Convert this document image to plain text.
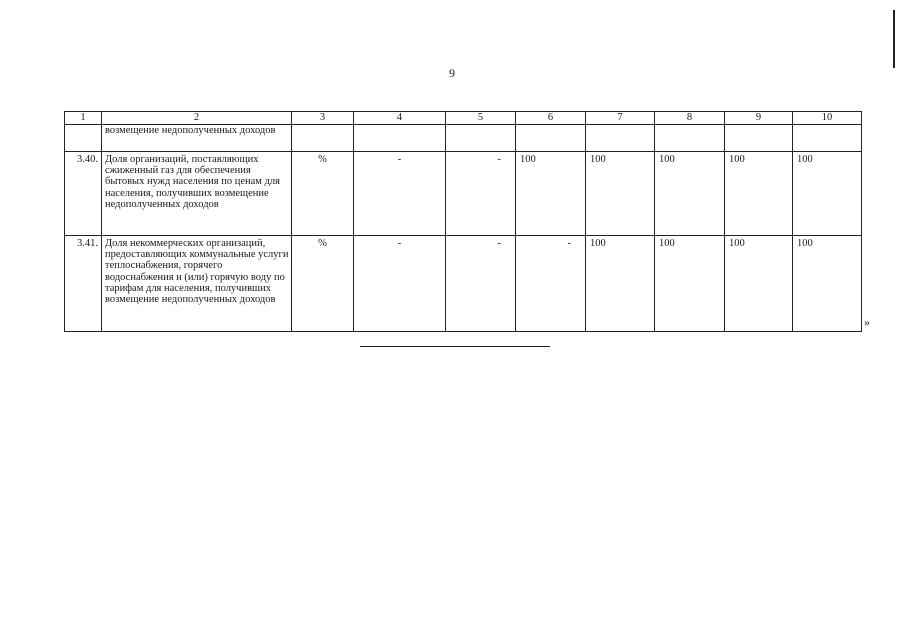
9
1	2	3	4	5	6	7	8	9	10
	возмещение недополученных доходов								
3.40.	Доля организаций, поставляющих сжиженный газ для обеспечения бытовых нужд населения по ценам для населения, получивших возмещение недополученных доходов	%	-	-	100	100	100	100	100
3.41.	Доля некоммерческих организаций, предоставляющих коммунальные услуги теплоснабжения, горячего водоснабжения и (или) горячую воду по тарифам для населения, получивших возмещение недополученных доходов	%	-	-	-	100	100	100	100
»
